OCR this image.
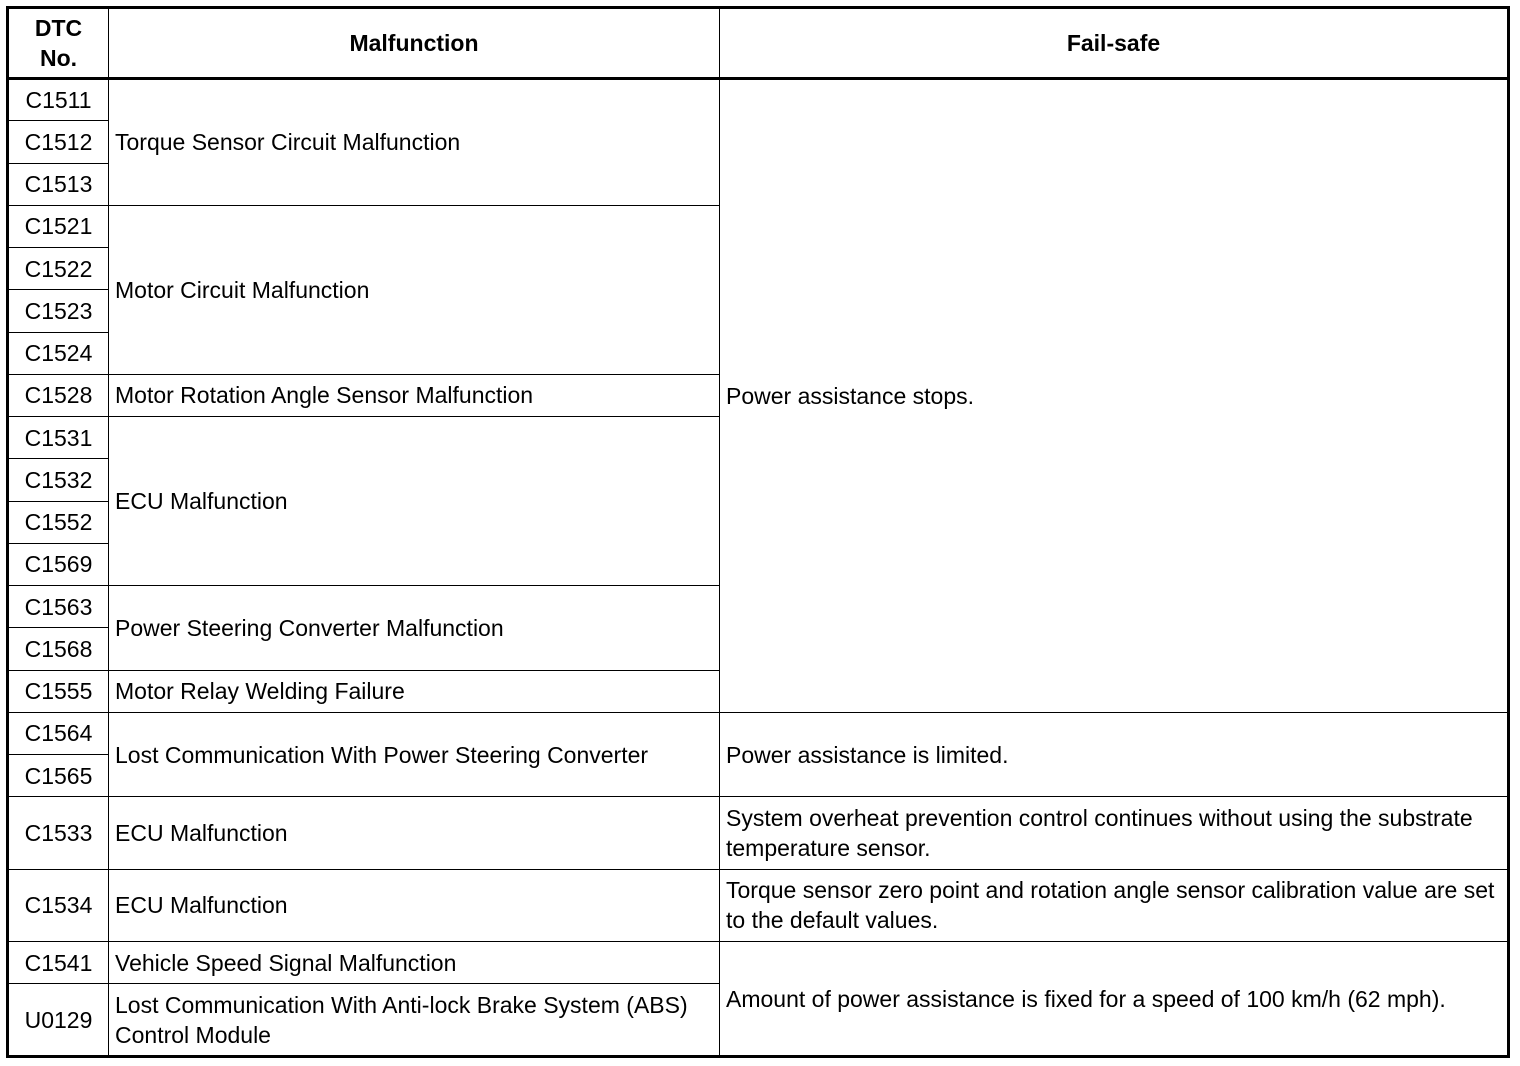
DTC
No.	Malfunction	Fail-safe
C1511	Torque Sensor Circuit Malfunction	Power assistance stops.
C1512		
C1513		
C1521	Motor Circuit Malfunction	
C1522		
C1523		
C1524		
C1528	Motor Rotation Angle Sensor Malfunction	
C1531	ECU Malfunction	
C1532		
C1552		
C1569		
C1563	Power Steering Converter Malfunction	
C1568		
C1555	Motor Relay Welding Failure	
C1564	Lost Communication With Power Steering Converter	Power assistance is limited.
C1565		
C1533	ECU Malfunction	System overheat prevention control continues without using the substrate temperature sensor.
C1534	ECU Malfunction	Torque sensor zero point and rotation angle sensor calibration value are set to the default values.
C1541	Vehicle Speed Signal Malfunction	Amount of power assistance is fixed for a speed of 100 km/h (62 mph).
U0129	Lost Communication With Anti-lock Brake System (ABS) Control Module	
